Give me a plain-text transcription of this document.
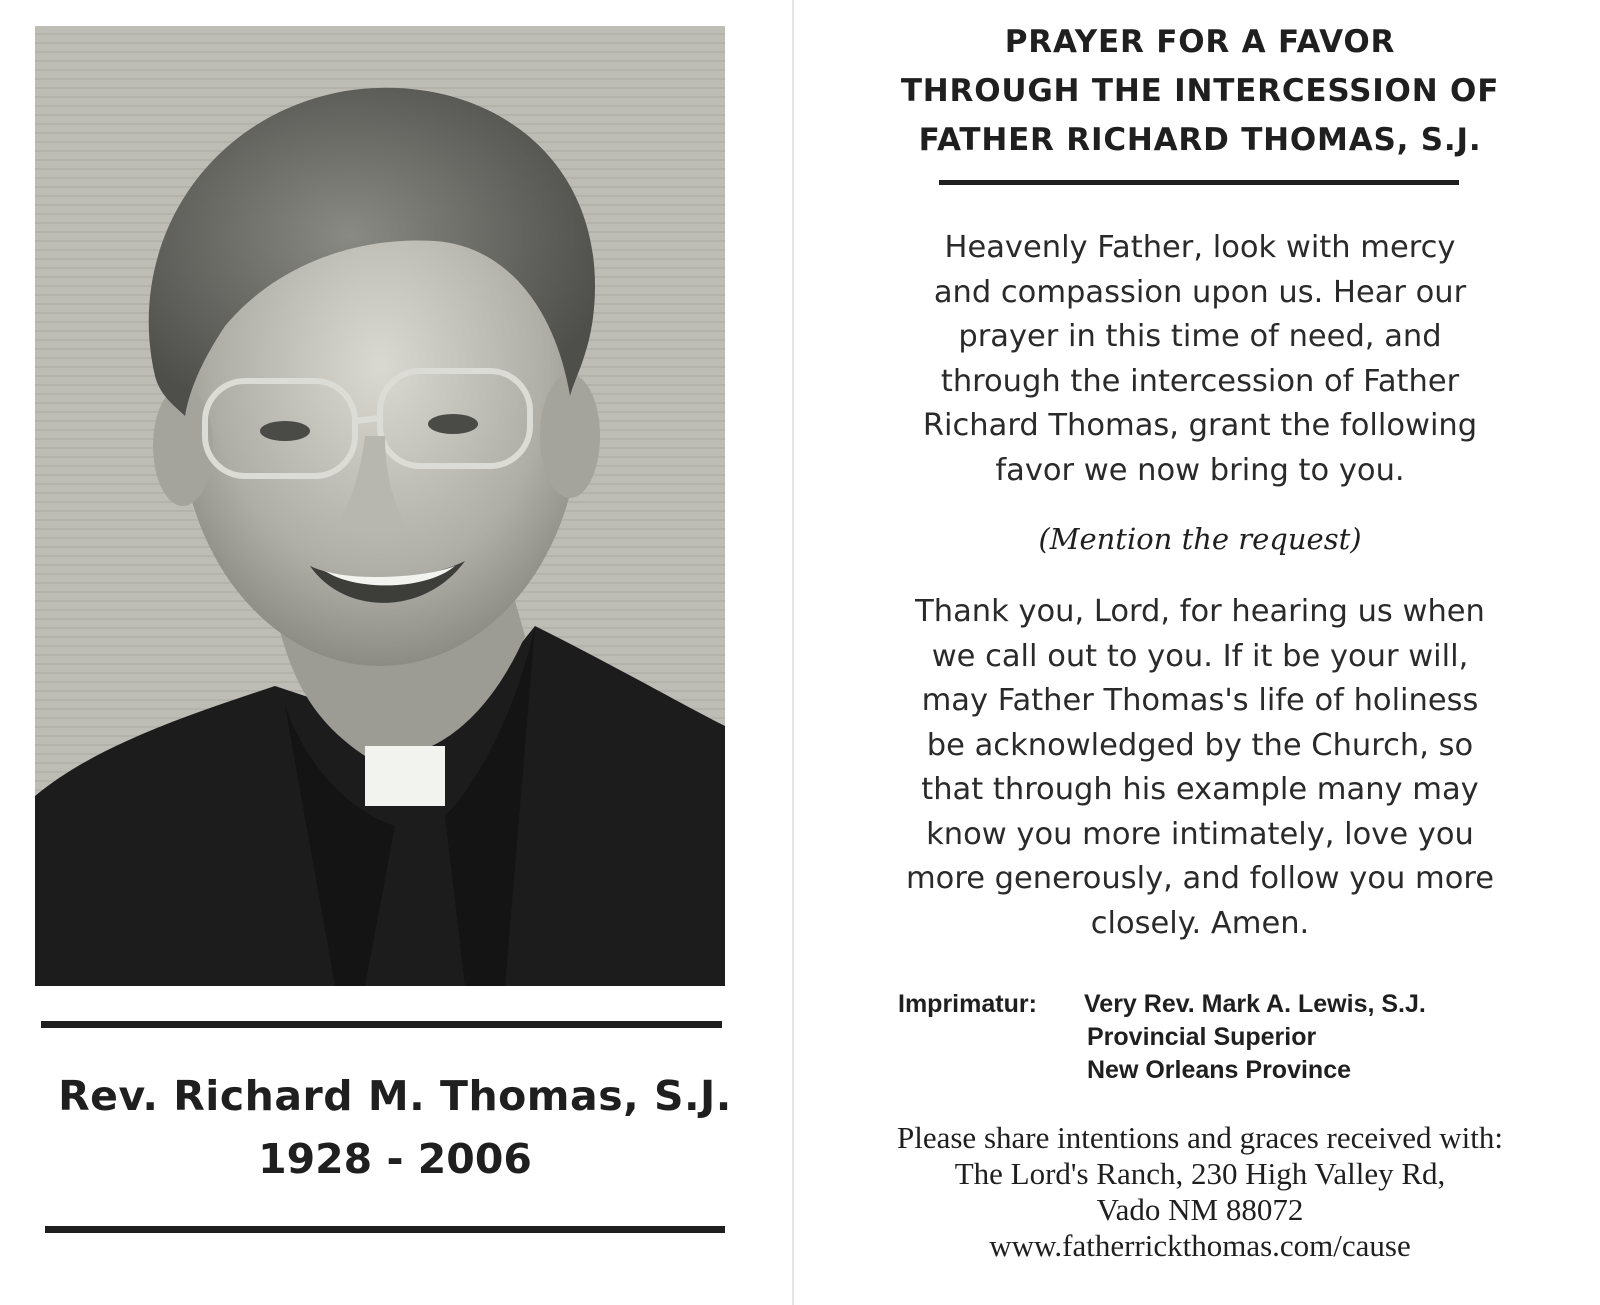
Rev. Richard M. Thomas, S.J.
1928 - 2006
PRAYER FOR A FAVOR
THROUGH THE INTERCESSION OF
FATHER RICHARD THOMAS, S.J.

Heavenly Father, look with mercy
and compassion upon us. Hear our
prayer in this time of need, and
through the intercession of Father
Richard Thomas, grant the following
favor we now bring to you.

(Mention the request)

Thank you, Lord, for hearing us when
we call out to you. If it be your will,
may Father Thomas's life of holiness
be acknowledged by the Church, so
that through his example many may
know you more intimately, love you
more generously, and follow you more
closely. Amen.

Imprimatur: Very Rev. Mark A. Lewis, S.J.
Provincial Superior
New Orleans Province

Please share intentions and graces received with:
The Lord's Ranch, 230 High Valley Rd,
Vado NM 88072
www.fatherrickthomas.com/cause
